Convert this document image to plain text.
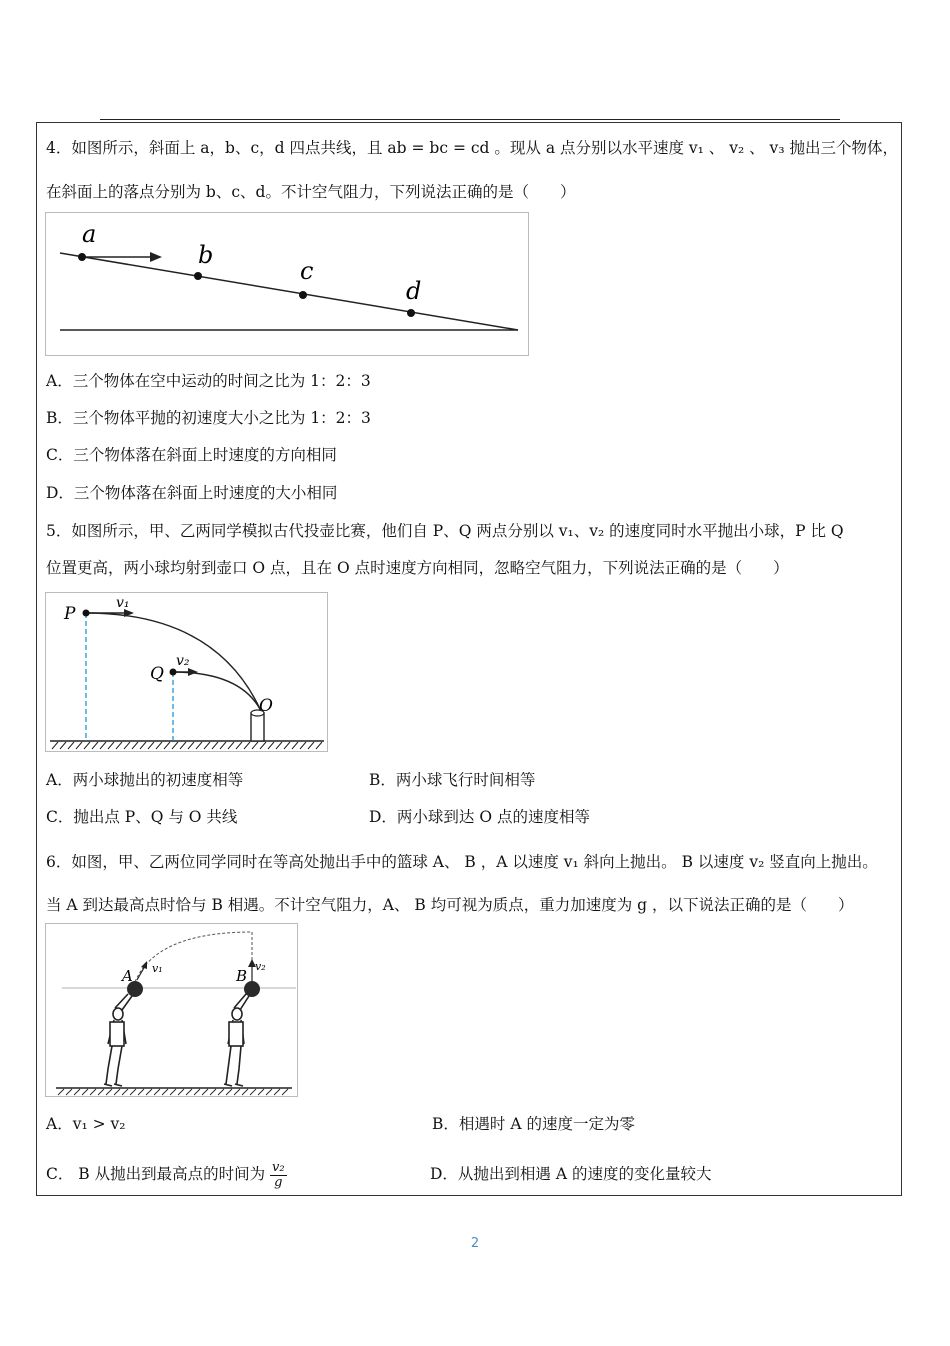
4．如图所示，斜面上 a，b、c，d 四点共线，且 ab = bc = cd 。现从 a 点分别以水平速度 v₁ 、 v₂ 、 v₃ 抛出三个物体，
在斜面上的落点分别为 b、c、d。不计空气阻力，下列说法正确的是（　　）
a
b
c
d
A．三个物体在空中运动的时间之比为 1：2：3
B．三个物体平抛的初速度大小之比为 1：2：3
C．三个物体落在斜面上时速度的方向相同
D．三个物体落在斜面上时速度的大小相同
5．如图所示，甲、乙两同学模拟古代投壶比赛，他们自 P、Q 两点分别以 v₁、v₂ 的速度同时水平抛出小球，P 比 Q
位置更高，两小球均射到壶口 O 点，且在 O 点时速度方向相同，忽略空气阻力，下列说法正确的是（　　）
P
v₁
Q
v₂
O
A．两小球抛出的初速度相等	B．两小球飞行时间相等
C．抛出点 P、Q 与 O 共线	D．两小球到达 O 点的速度相等
6．如图，甲、乙两位同学同时在等高处抛出手中的篮球 A、 B ，A 以速度 v₁ 斜向上抛出。 B 以速度 v₂ 竖直向上抛出。
当 A 到达最高点时恰与 B 相遇。不计空气阻力，A、 B 均可视为质点，重力加速度为 g ，以下说法正确的是（　　）
A v₁	B
v₂
A．v₁ > v₂	B．相遇时 A 的速度一定为零
C． B 从抛出到最高点的时间为 $\frac{\text{v₂}}{g}$	D．从抛出到相遇 A 的速度的变化量较大
2
